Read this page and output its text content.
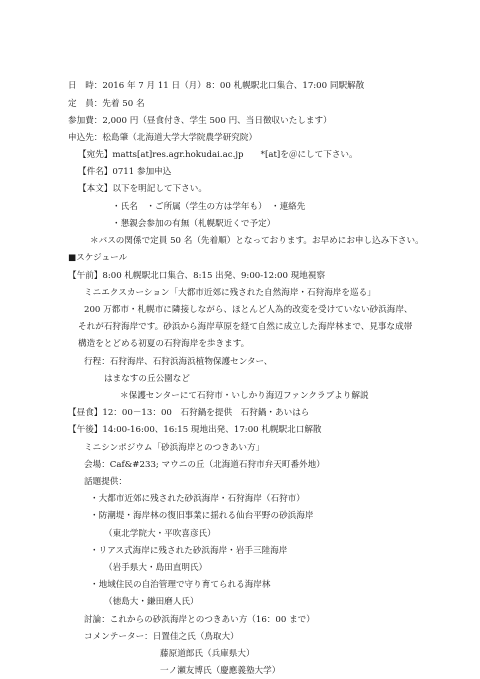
日　時：2016 年 7 月 11 日（月）8：00 札幌駅北口集合、17:00 同駅解散
定　員：先着 50 名
参加費：2,000 円（昼食付き、学生 500 円、当日徴収いたします）
申込先：松島肇（北海道大学大学院農学研究院）
【宛先】matts[at]res.agr.hokudai.ac.jp　　*[at]を＠にして下さい。
【件名】0711 参加申込
【本文】以下を明記して下さい。
・氏名　・ご所属（学生の方は学年も）　・連絡先
・懇親会参加の有無（札幌駅近くで予定）
＊バスの関係で定員 50 名（先着順）となっております。お早めにお申し込み下さい。
■スケジュール
【午前】8:00 札幌駅北口集合、8:15 出発、9:00-12:00 現地視察
ミニエクスカーション「大都市近郊に残された自然海岸・石狩海岸を巡る」
200 万都市・札幌市に隣接しながら、ほとんど人為的改変を受けていない砂浜海岸、
それが石狩海岸です。砂浜から海岸草原を経て自然に成立した海岸林まで、見事な成帯
構造をとどめる初夏の石狩海岸を歩きます。
行程：石狩海岸、石狩浜海浜植物保護センター、
はまなすの丘公園など
＊保護センターにて石狩市・いしかり海辺ファンクラブより解説
【昼食】12：00－13：00　石狩鍋を提供　石狩鍋・あいはら
【午後】14:00-16:00、16:15 現地出発、17:00 札幌駅北口解散
ミニシンポジウム「砂浜海岸とのつきあい方」
会場：Caf&#233; マウニの丘（北海道石狩市弁天町番外地）
話題提供：
・大都市近郊に残された砂浜海岸・石狩海岸（石狩市）
・防潮堤・海岸林の復旧事業に揺れる仙台平野の砂浜海岸
（東北学院大・平吹喜彦氏）
・リアス式海岸に残された砂浜海岸・岩手三陸海岸
（岩手県大・島田直明氏）
・地域住民の自治管理で守り育てられる海岸林
（徳島大・鎌田磨人氏）
討論：これからの砂浜海岸とのつきあい方（16：00 まで）
コメンテーター：日置佳之氏（鳥取大）
藤原道郎氏（兵庫県大）
一ノ瀬友博氏（慶應義塾大学）
